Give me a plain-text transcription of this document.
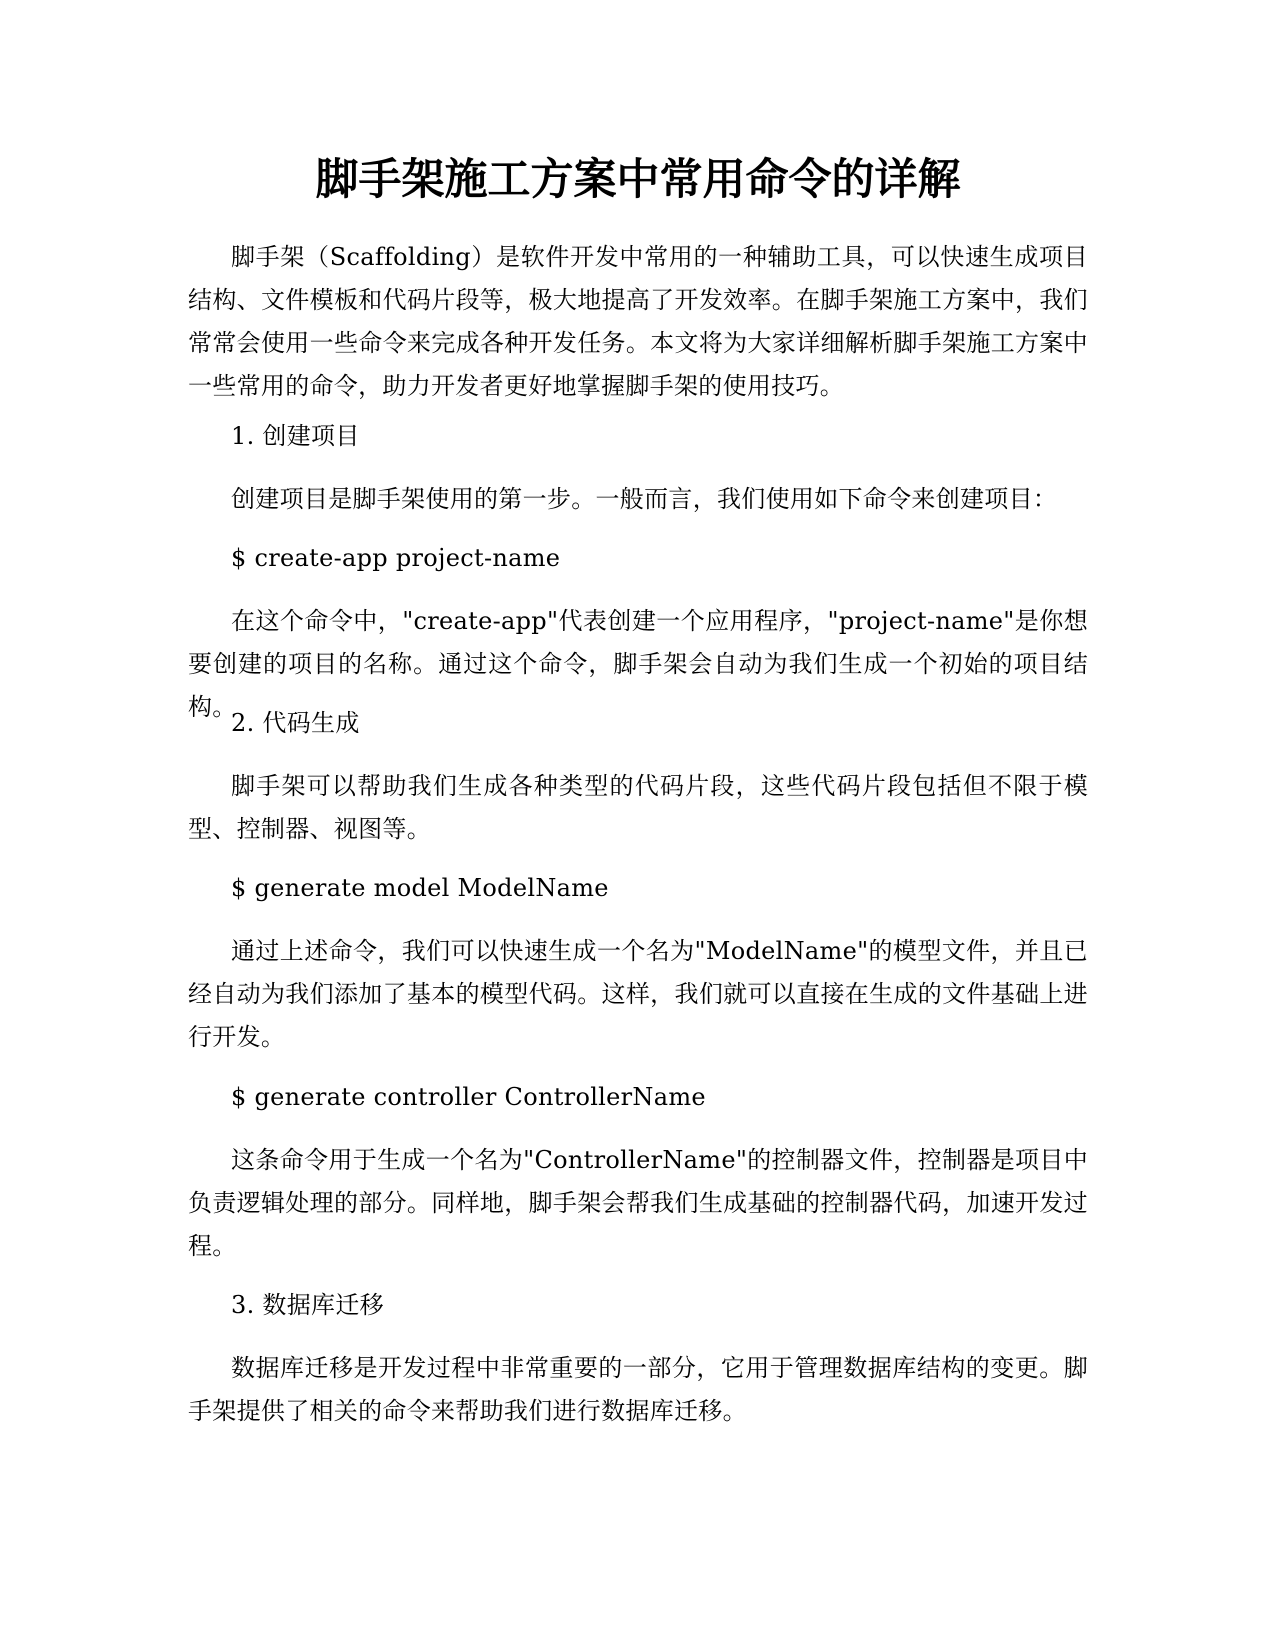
脚手架施工方案中常用命令的详解

脚手架（Scaffolding）是软件开发中常用的一种辅助工具，可以快速生成项目结构、文件模板和代码片段等，极大地提高了开发效率。在脚手架施工方案中，我们常常会使用一些命令来完成各种开发任务。本文将为大家详细解析脚手架施工方案中一些常用的命令，助力开发者更好地掌握脚手架的使用技巧。

1. 创建项目

创建项目是脚手架使用的第一步。一般而言，我们使用如下命令来创建项目：

$ create-app project-name

在这个命令中，"create-app"代表创建一个应用程序，"project-name"是你想要创建的项目的名称。通过这个命令，脚手架会自动为我们生成一个初始的项目结构。

2. 代码生成

脚手架可以帮助我们生成各种类型的代码片段，这些代码片段包括但不限于模型、控制器、视图等。

$ generate model ModelName

通过上述命令，我们可以快速生成一个名为"ModelName"的模型文件，并且已经自动为我们添加了基本的模型代码。这样，我们就可以直接在生成的文件基础上进行开发。

$ generate controller ControllerName

这条命令用于生成一个名为"ControllerName"的控制器文件，控制器是项目中负责逻辑处理的部分。同样地，脚手架会帮我们生成基础的控制器代码，加速开发过程。

3. 数据库迁移

数据库迁移是开发过程中非常重要的一部分，它用于管理数据库结构的变更。脚手架提供了相关的命令来帮助我们进行数据库迁移。
